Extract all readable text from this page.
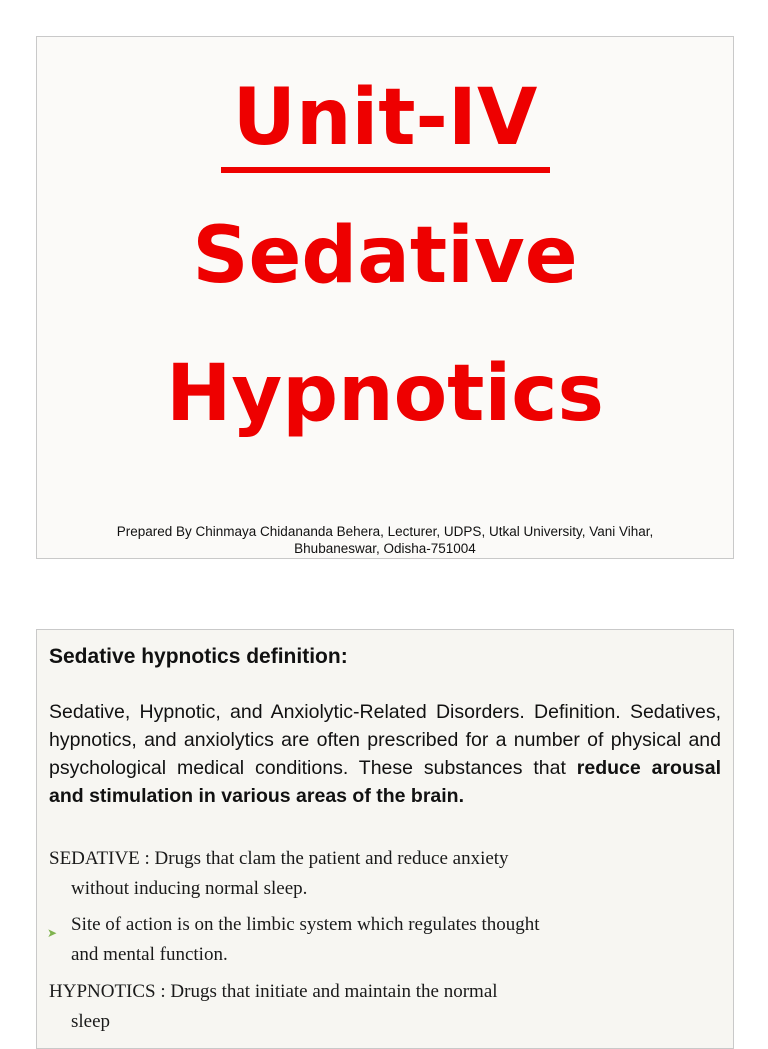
Unit-IV
Sedative
Hypnotics
Prepared By Chinmaya Chidananda Behera, Lecturer, UDPS, Utkal University, Vani Vihar,
Bhubaneswar, Odisha-751004
Sedative hypnotics definition:
Sedative, Hypnotic, and Anxiolytic-Related Disorders. Definition. Sedatives, hypnotics, and anxiolytics are often prescribed for a number of physical and psychological medical conditions. These substances that reduce arousal and stimulation in various areas of the brain.
SEDATIVE : Drugs that clam the patient and reduce anxiety
without inducing normal sleep.
➤ Site of action is on the limbic system which regulates thought
and mental function.
HYPNOTICS : Drugs that initiate and maintain the normal
sleep
